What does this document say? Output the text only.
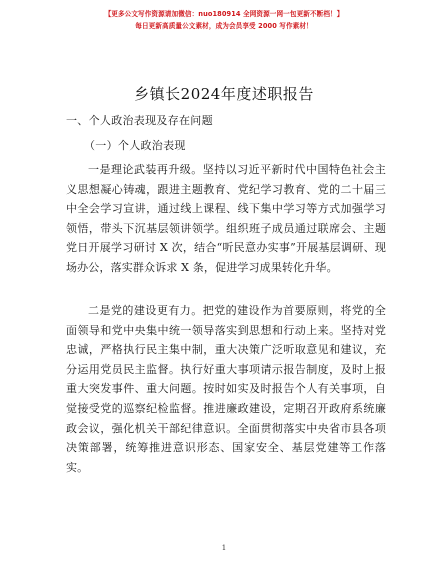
【更多公文写作资源请加微信：nuo180914 全网资源一网一包更新不断档！】
每日更新高质量公文素材，成为会员享受 2000 写作素材！
乡镇长2024年度述职报告
一、个人政治表现及存在问题
（一）个人政治表现

一是理论武装再升级。坚持以习近平新时代中国特色社会主义思想凝心铸魂，跟进主题教育、党纪学习教育、党的二十届三中全会学习宣讲，通过线上课程、线下集中学习等方式加强学习领悟，带头下沉基层领讲领学。组织班子成员通过联席会、主题党日开展学习研讨 X 次，结合“听民意办实事”开展基层调研、现场办公，落实群众诉求 X 条，促进学习成果转化升华。

二是党的建设更有力。把党的建设作为首要原则，将党的全面领导和党中央集中统一领导落实到思想和行动上来。坚持对党忠诚，严格执行民主集中制，重大决策广泛听取意见和建议，充分运用党员民主监督。执行好重大事项请示报告制度，及时上报重大突发事件、重大问题。按时如实及时报告个人有关事项，自觉接受党的巡察纪检监督。推进廉政建设，定期召开政府系统廉政会议，强化机关干部纪律意识。全面贯彻落实中央省市县各项决策部署，统筹推进意识形态、国家安全、基层党建等工作落实。

1
